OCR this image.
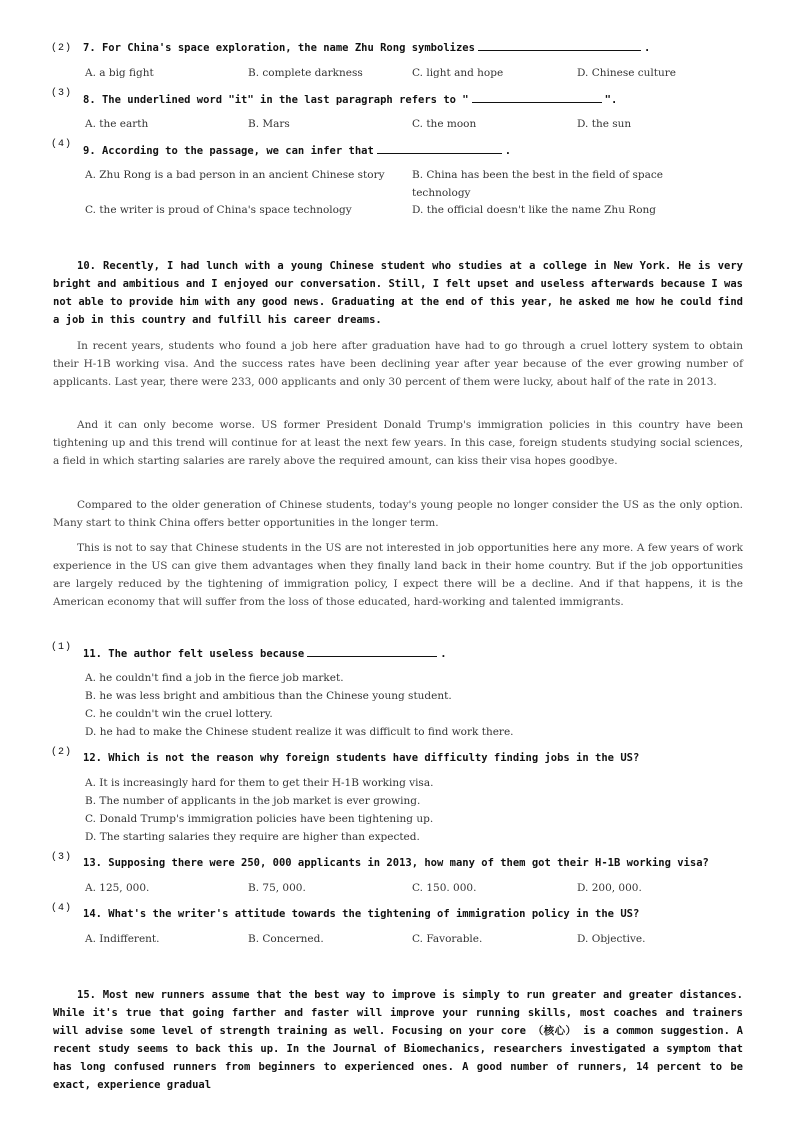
(2) 7. For China's space exploration, the name Zhu Rong symbolizes	.
A. a big fight	B. complete darkness	C. light and hope	D. Chinese culture
(3)
8. The underlined word "it" in the last paragraph refers to "	".
A. the earth	B. Mars	C. the moon	D. the sun
(4)
9. According to the passage, we can infer that	.
A. Zhu Rong is a bad person in an ancient Chinese story	B. China has been the best in the field of space technology
C. the writer is proud of China's space technology	D. the official doesn't like the name Zhu Rong
10. Recently, I had lunch with a young Chinese student who studies at a college in New York. He is very bright and ambitious and I enjoyed our conversation. Still, I felt upset and useless afterwards because I was not able to provide him with any good news. Graduating at the end of this year, he asked me how he could find a job in this country and fulfill his career dreams.
In recent years, students who found a job here after graduation have had to go through a cruel lottery system to obtain their H-1B working visa. And the success rates have been declining year after year because of the ever growing number of applicants. Last year, there were 233, 000 applicants and only 30 percent of them were lucky, about half of the rate in 2013.
And it can only become worse. US former President Donald Trump's immigration policies in this country have been tightening up and this trend will continue for at least the next few years. In this case, foreign students studying social sciences, a field in which starting salaries are rarely above the required amount, can kiss their visa hopes goodbye.
Compared to the older generation of Chinese students, today's young people no longer consider the US as the only option. Many start to think China offers better opportunities in the longer term.
This is not to say that Chinese students in the US are not interested in job opportunities here any more. A few years of work experience in the US can give them advantages when they finally land back in their home country. But if the job opportunities are largely reduced by the tightening of immigration policy, I expect there will be a decline. And if that happens, it is the American economy that will suffer from the loss of those educated, hard-working and talented immigrants.
(1)
11. The author felt useless because	.
A. he couldn't find a job in the fierce job market.
B. he was less bright and ambitious than the Chinese young student.
C. he couldn't win the cruel lottery.
D. he had to make the Chinese student realize it was difficult to find work there.
(2) 12. Which is not the reason why foreign students have difficulty finding jobs in the US?
A. It is increasingly hard for them to get their H-1B working visa.
B. The number of applicants in the job market is ever growing.
C. Donald Trump's immigration policies have been tightening up.
D. The starting salaries they require are higher than expected.
(3) 13. Supposing there were 250, 000 applicants in 2013, how many of them got their H-1B working visa?
A. 125, 000.	B. 75, 000.	C. 150. 000.	D. 200, 000.
(4) 14. What's the writer's attitude towards the tightening of immigration policy in the US?
A. Indifferent.	B. Concerned.	C. Favorable.	D. Objective.
15. Most new runners assume that the best way to improve is simply to run greater and greater distances. While it's true that going farther and faster will improve your running skills, most coaches and trainers will advise some level of strength training as well. Focusing on your core （核心） is a common suggestion. A recent study seems to back this up. In the Journal of Biomechanics, researchers investigated a symptom that has long confused runners from beginners to experienced ones. A good number of runners, 14 percent to be exact, experience gradual
